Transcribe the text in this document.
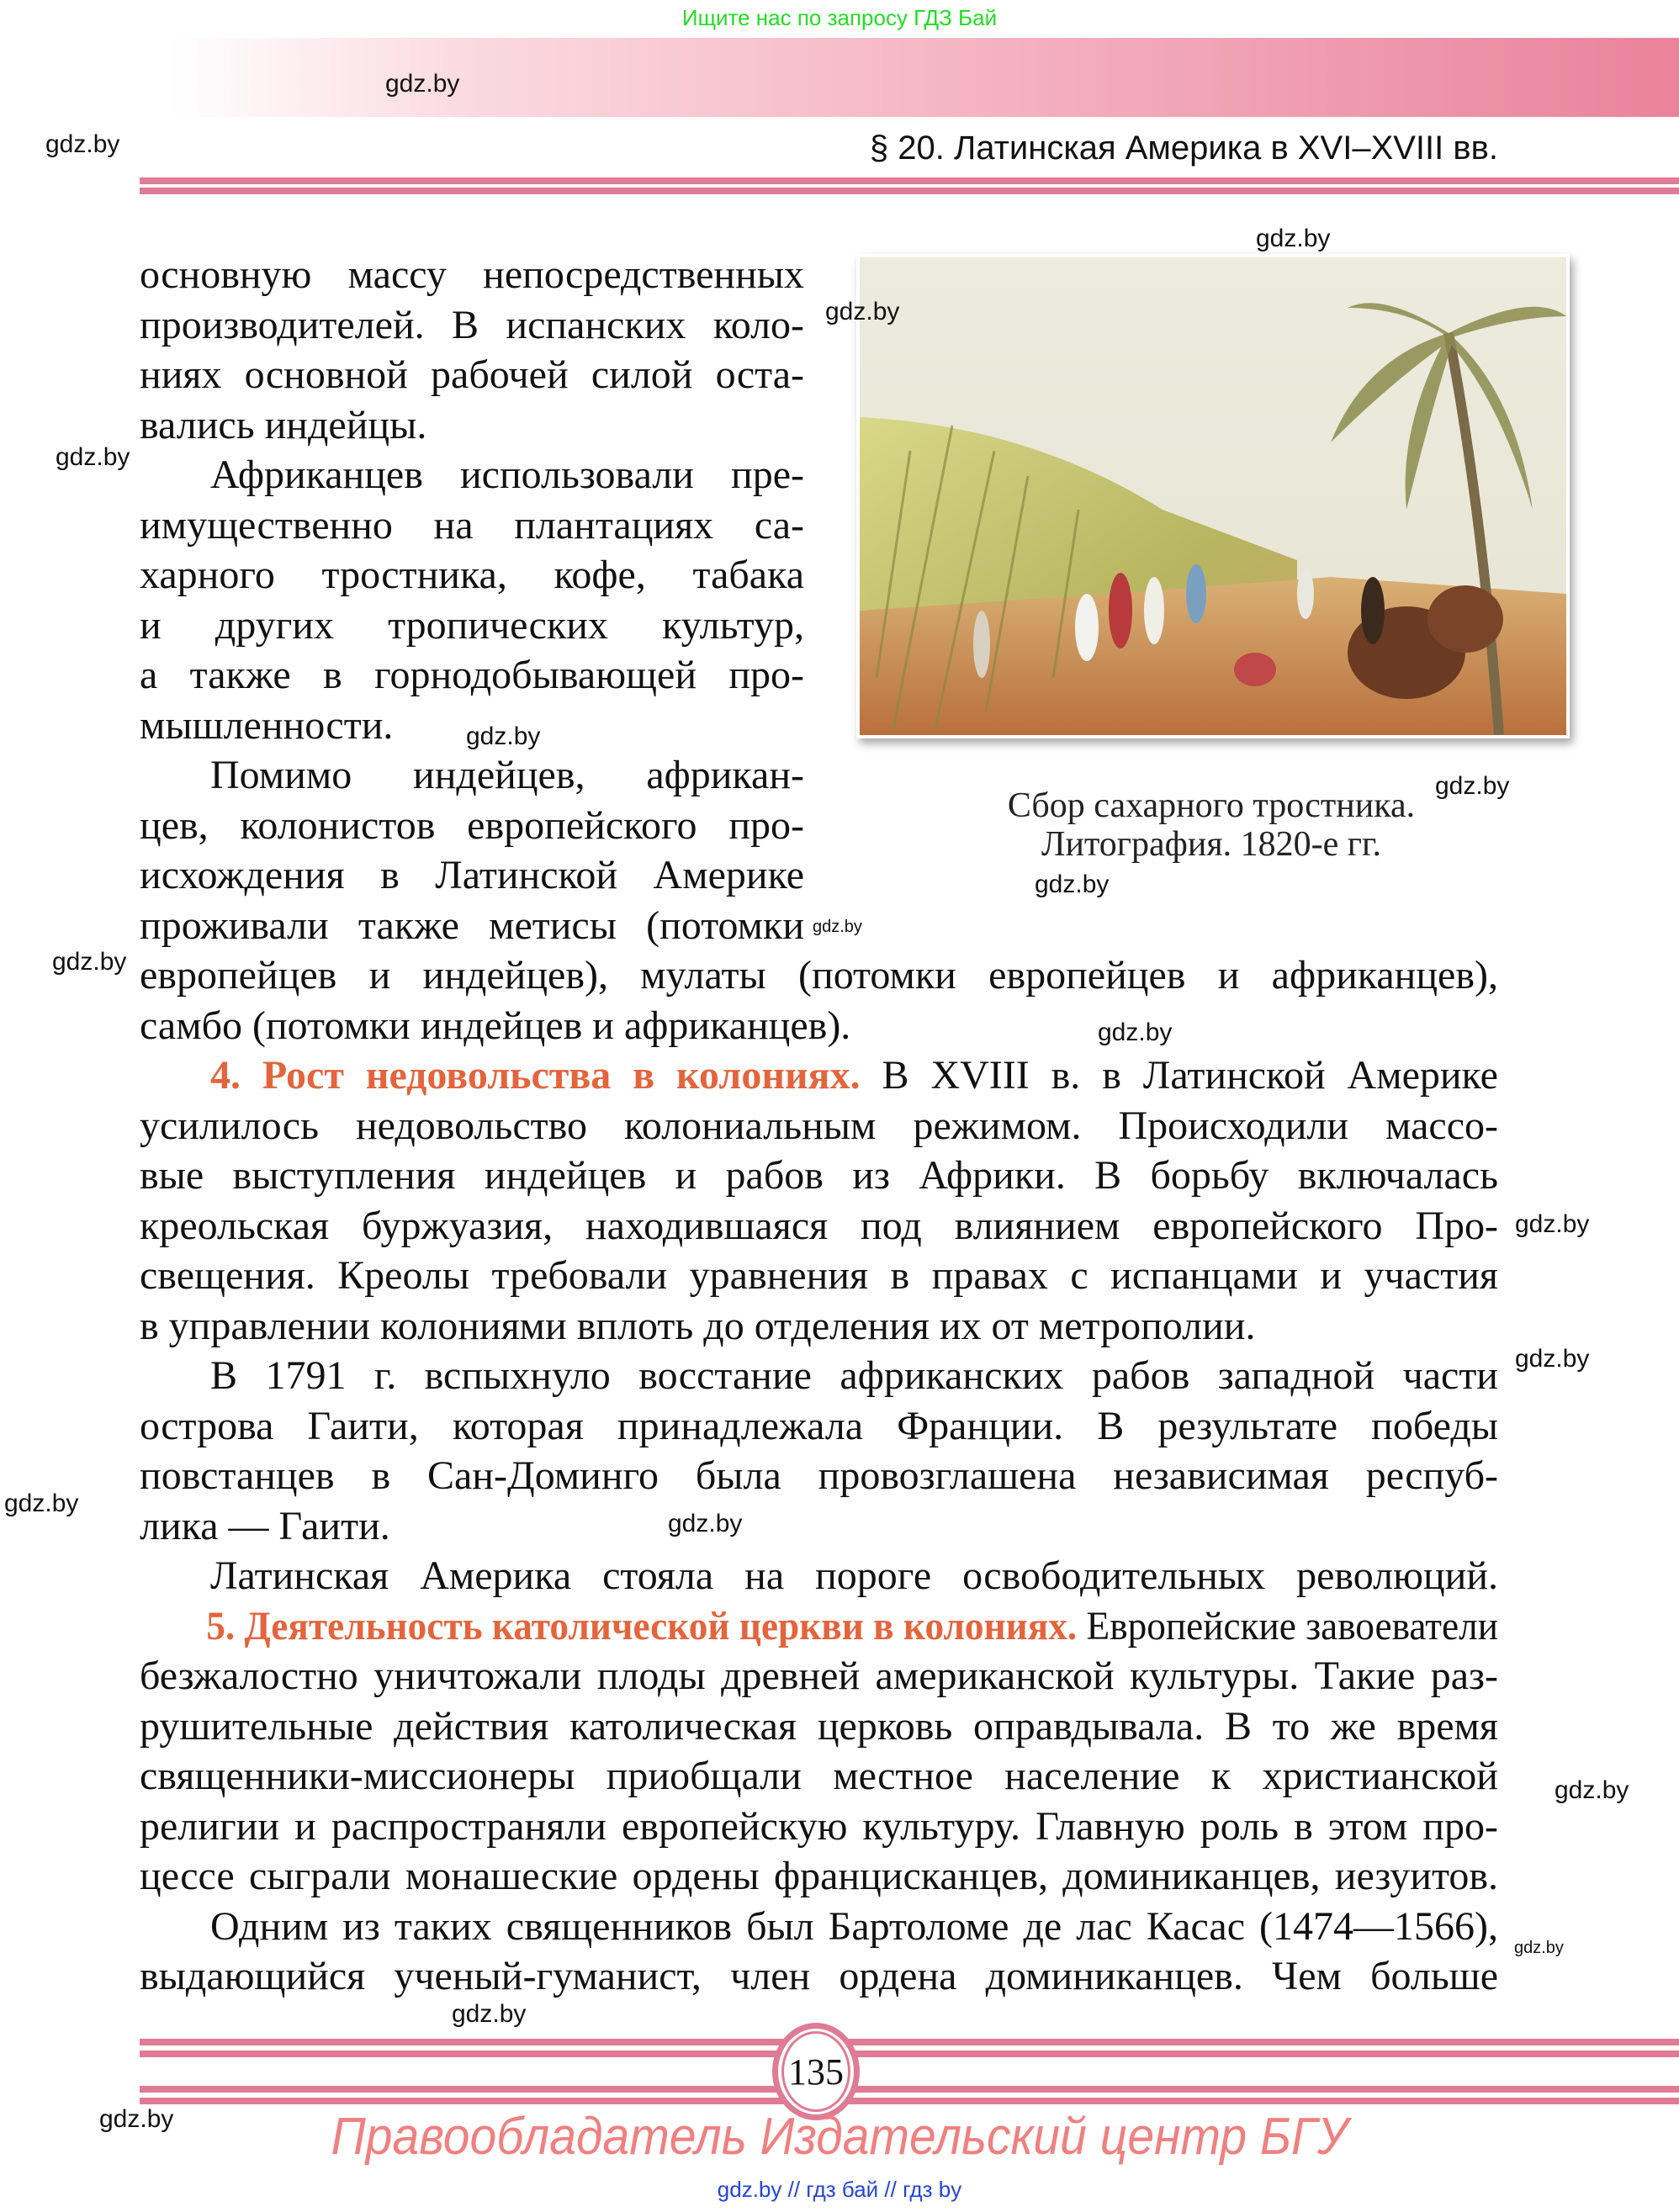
Ищите нас по запросу ГДЗ Бай
§ 20. Латинская Америка в XVI–XVIII вв.
Сбор сахарного тростника.
Литография. 1820-е гг.
основную массу непосредственных
производителей. В испанских коло-
ниях основной рабочей силой оста-
вались индейцы.
Африканцев использовали пре-
имущественно на плантациях са-
харного тростника, кофе, табака
и других тропических культур,
а также в горнодобывающей про-
мышленности.
Помимо индейцев, африкан-
цев, колонистов европейского про-
исхождения в Латинской Америке
проживали также метисы (потомки
европейцев и индейцев), мулаты (потомки европейцев и африканцев),
самбо (потомки индейцев и африканцев).
4. Рост недовольства в колониях. В XVIII в. в Латинской Америке
усилилось недовольство колониальным режимом. Происходили массо-
вые выступления индейцев и рабов из Африки. В борьбу включалась
креольская буржуазия, находившаяся под влиянием европейского Про-
свещения. Креолы требовали уравнения в правах с испанцами и участия
в управлении колониями вплоть до отделения их от метрополии.
В 1791 г. вспыхнуло восстание африканских рабов западной части
острова Гаити, которая принадлежала Франции. В результате победы
повстанцев в Сан-Доминго была провозглашена независимая респуб-
лика — Гаити.
Латинская Америка стояла на пороге освободительных революций.
5. Деятельность католической церкви в колониях. Европейские завоеватели
безжалостно уничтожали плоды древней американской культуры. Такие раз-
рушительные действия католическая церковь оправдывала. В то же время
священники-миссионеры приобщали местное население к христианской
религии и распространяли европейскую культуру. Главную роль в этом про-
цессе сыграли монашеские ордены францисканцев, доминиканцев, иезуитов.
Одним из таких священников был Бартоломе де лас Касас (1474—1566),
выдающийся ученый-гуманист, член ордена доминиканцев. Чем больше
gdz.by
gdz.by
gdz.by
gdz.by
gdz.by
gdz.by
gdz.by
gdz.by
gdz.by
gdz.by
gdz.by
gdz.by
gdz.by
gdz.by
gdz.by
gdz.by
gdz.by
gdz.by
gdz.by
135
Правообладатель Издательский центр БГУ
gdz.by // гдз бай // гдз by
